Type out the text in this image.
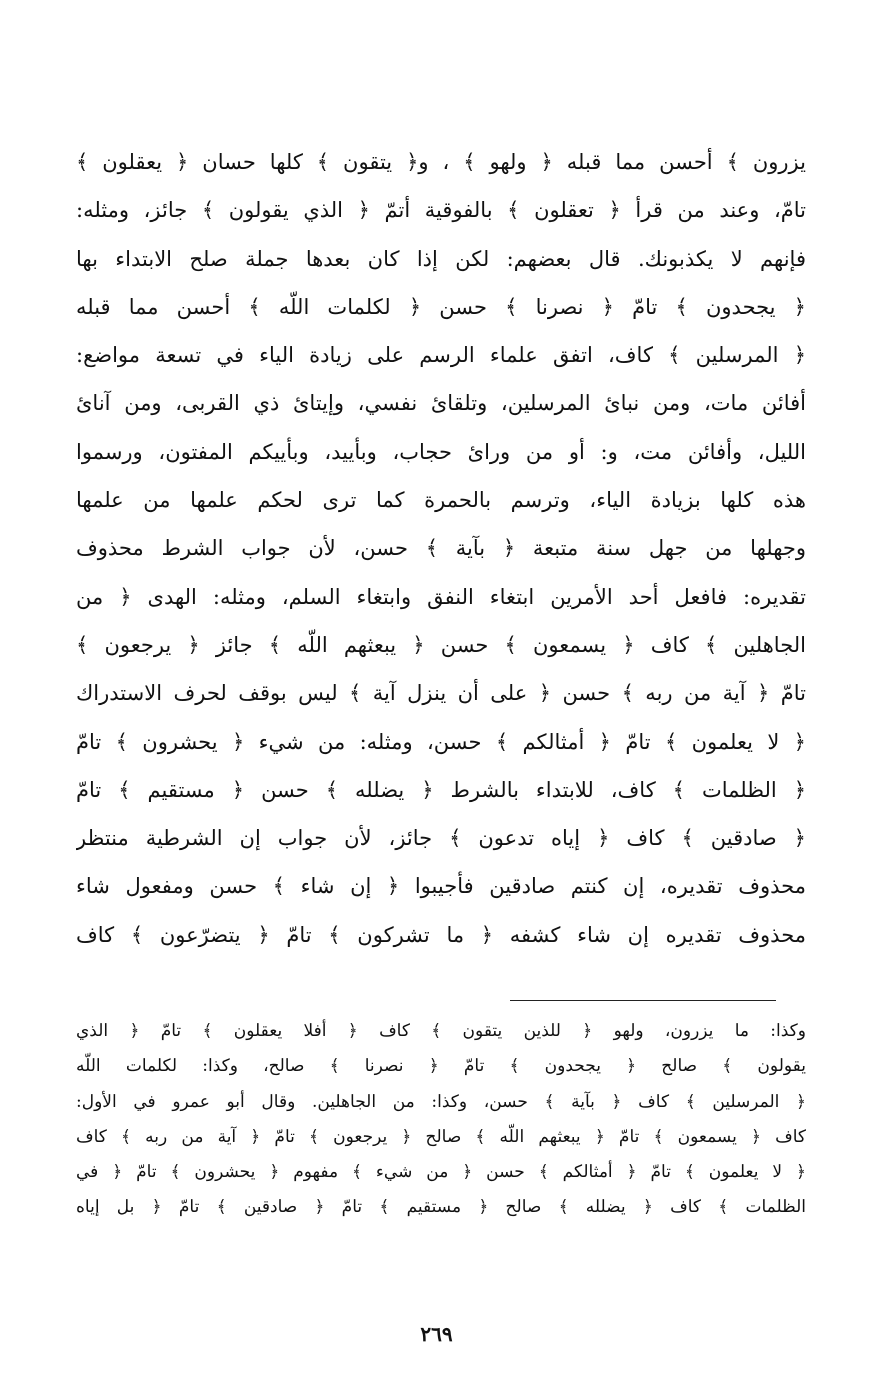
يزرون ﴾ أحسن مما قبله ﴿ ولهو ﴾ ، و﴿ يتقون ﴾ كلها حسان ﴿ يعقلون ﴾
تامّ، وعند من قرأ ﴿ تعقلون ﴾ بالفوقية أتمّ ﴿ الذي يقولون ﴾ جائز، ومثله:
فإنهم لا يكذبونك. قال بعضهم: لكن إذا كان بعدها جملة صلح الابتداء بها
﴿ يجحدون ﴾ تامّ ﴿ نصرنا ﴾ حسن ﴿ لكلمات اللّه ﴾ أحسن مما قبله
﴿ المرسلين ﴾ كاف، اتفق علماء الرسم على زيادة الياء في تسعة مواضع:
أفائن مات، ومن نباىٔ المرسلين، وتلقاىٔ نفسي، وإيتاىٔ ذي القربى، ومن آناىٔ
الليل، وأفائن مت، و: أو من وراىٔ حجاب، وبأييد، وبأييكم المفتون، ورسموا
هذه كلها بزيادة الياء، وترسم بالحمرة كما ترى لحكم علمها من علمها
وجهلها من جهل سنة متبعة ﴿ بآية ﴾ حسن، لأن جواب الشرط محذوف
تقديره: فافعل أحد الأمرين ابتغاء النفق وابتغاء السلم، ومثله: الهدى ﴿ من
الجاهلين ﴾ كاف ﴿ يسمعون ﴾ حسن ﴿ يبعثهم اللّه ﴾ جائز ﴿ يرجعون ﴾
تامّ ﴿ آية من ربه ﴾ حسن ﴿ على أن ينزل آية ﴾ ليس بوقف لحرف الاستدراك
﴿ لا يعلمون ﴾ تامّ ﴿ أمثالكم ﴾ حسن، ومثله: من شيء ﴿ يحشرون ﴾ تامّ
﴿ الظلمات ﴾ كاف، للابتداء بالشرط ﴿ يضلله ﴾ حسن ﴿ مستقيم ﴾ تامّ
﴿ صادقين ﴾ كاف ﴿ إياه تدعون ﴾ جائز، لأن جواب إن الشرطية منتظر
محذوف تقديره، إن كنتم صادقين فأجيبوا ﴿ إن شاء ﴾ حسن ومفعول شاء
محذوف تقديره إن شاء كشفه ﴿ ما تشركون ﴾ تامّ ﴿ يتضرّعون ﴾ كاف
وكذا: ما يزرون، ولهو ﴿ للذين يتقون ﴾ كاف ﴿ أفلا يعقلون ﴾ تامّ ﴿ الذي
يقولون ﴾ صالح ﴿ يجحدون ﴾ تامّ ﴿ نصرنا ﴾ صالح، وكذا: لكلمات اللّه
﴿ المرسلين ﴾ كاف ﴿ بآية ﴾ حسن، وكذا: من الجاهلين. وقال أبو عمرو في الأول:
كاف ﴿ يسمعون ﴾ تامّ ﴿ يبعثهم اللّه ﴾ صالح ﴿ يرجعون ﴾ تامّ ﴿ آية من ربه ﴾ كاف
﴿ لا يعلمون ﴾ تامّ ﴿ أمثالكم ﴾ حسن ﴿ من شيء ﴾ مفهوم ﴿ يحشرون ﴾ تامّ ﴿ في
الظلمات ﴾ كاف ﴿ يضلله ﴾ صالح ﴿ مستقيم ﴾ تامّ ﴿ صادقين ﴾ تامّ ﴿ بل إياه
٢٦٩
